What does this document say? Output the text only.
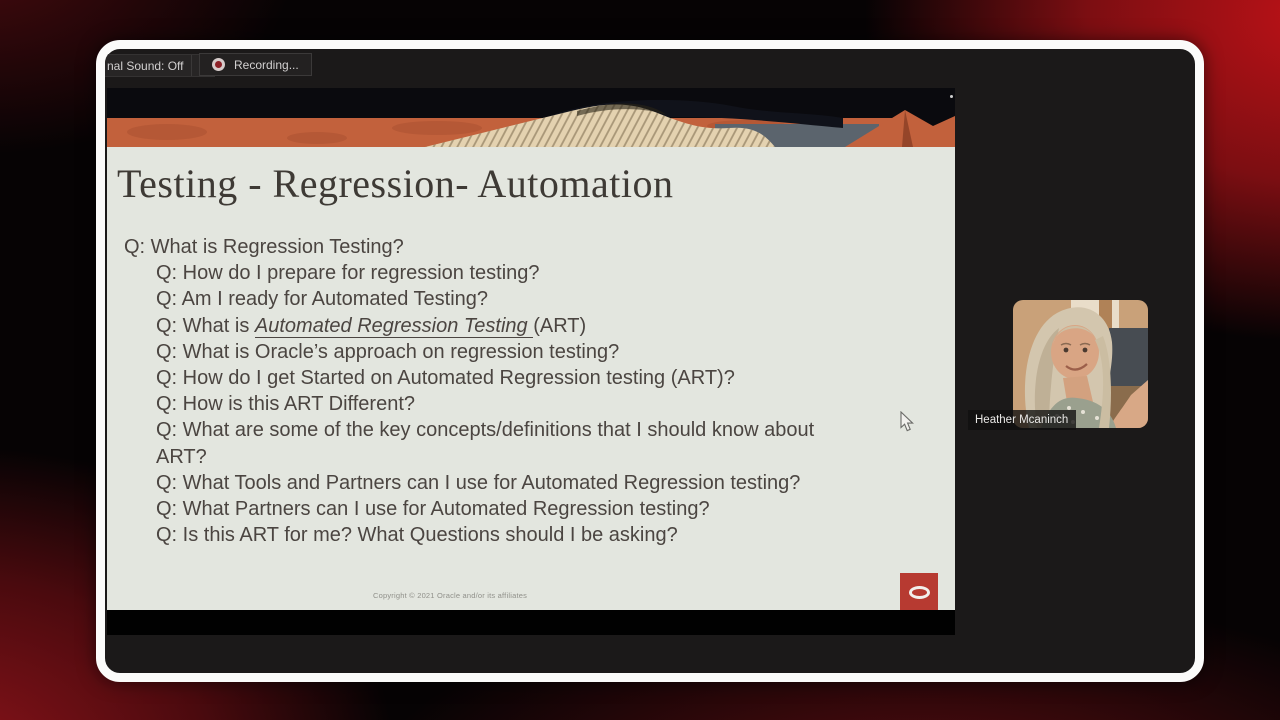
nal Sound: Off	Recording...
Testing - Regression- Automation
Q: What is Regression Testing?
Q: How do I prepare for regression testing?
Q: Am I ready for Automated Testing?
Q: What is Automated Regression Testing (ART)
Q: What is Oracle’s approach on regression testing?
Q: How do I get Started on Automated Regression testing (ART)?
Q: How is this ART Different?
Q: What are some of the key concepts/definitions that I should know about ART?
Q: What Tools and Partners can I use for Automated Regression testing?
Q: What Partners can I use for Automated Regression testing?
Q: Is this ART for me? What Questions should I be asking?
Copyright © 2021 Oracle and/or its affiliates
Heather Mcaninch
